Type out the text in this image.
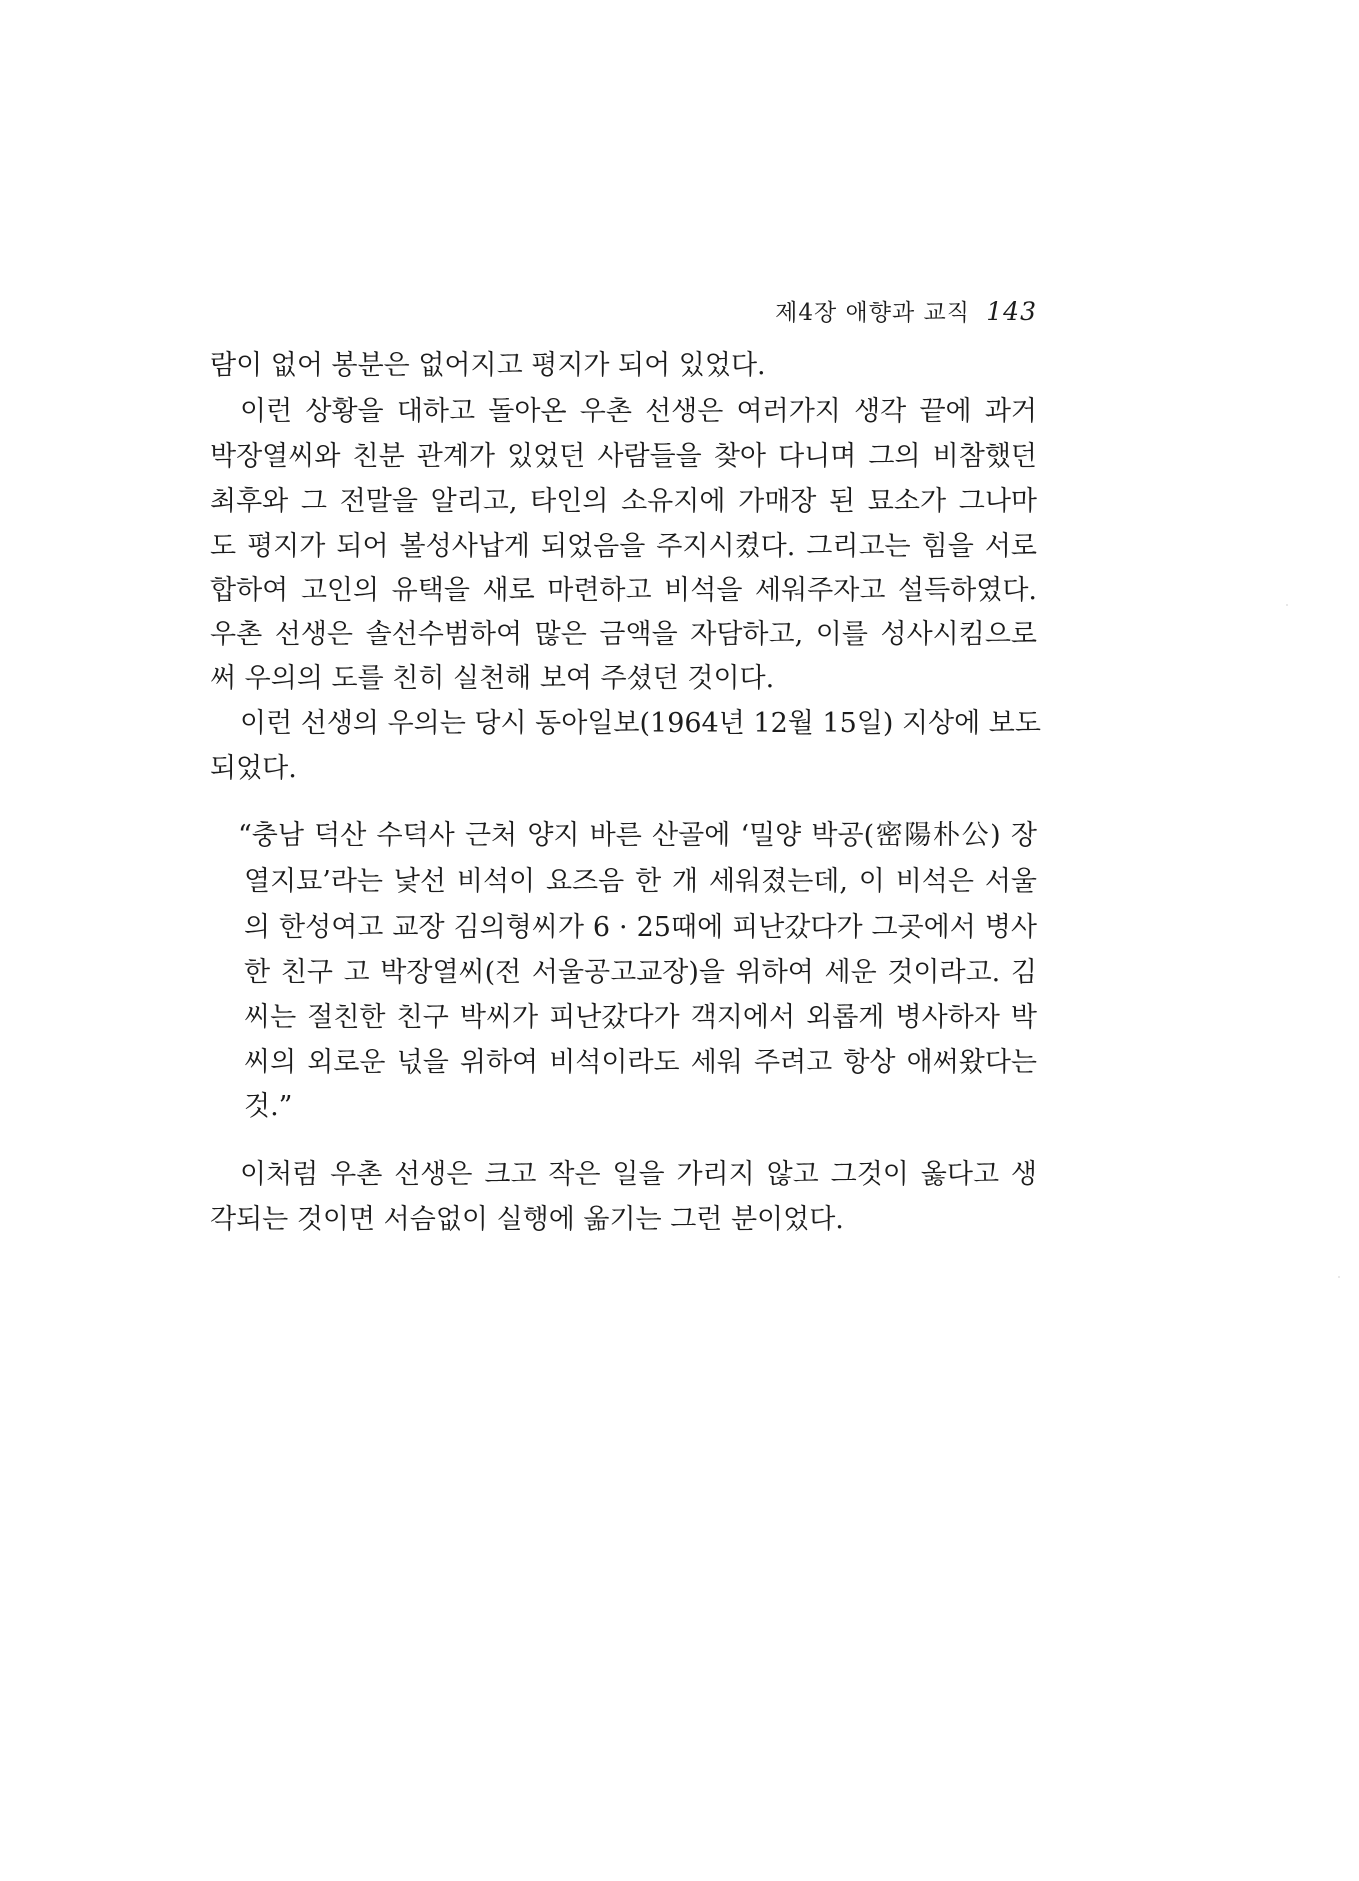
제4장 애향과 교직 143
람이 없어 봉분은 없어지고 평지가 되어 있었다.
이런 상황을 대하고 돌아온 우촌 선생은 여러가지 생각 끝에 과거
박장열씨와 친분 관계가 있었던 사람들을 찾아 다니며 그의 비참했던
최후와 그 전말을 알리고, 타인의 소유지에 가매장 된 묘소가 그나마
도 평지가 되어 볼성사납게 되었음을 주지시켰다. 그리고는 힘을 서로
합하여 고인의 유택을 새로 마련하고 비석을 세워주자고 설득하였다.
우촌 선생은 솔선수범하여 많은 금액을 자담하고, 이를 성사시킴으로
써 우의의 도를 친히 실천해 보여 주셨던 것이다.
이런 선생의 우의는 당시 동아일보(1964년 12월 15일) 지상에 보도
되었다.
“충남 덕산 수덕사 근처 양지 바른 산골에 ‘밀양 박공(密陽朴公) 장
열지묘’라는 낯선 비석이 요즈음 한 개 세워졌는데, 이 비석은 서울
의 한성여고 교장 김의형씨가 6 · 25때에 피난갔다가 그곳에서 병사
한 친구 고 박장열씨(전 서울공고교장)을 위하여 세운 것이라고. 김
씨는 절친한 친구 박씨가 피난갔다가 객지에서 외롭게 병사하자 박
씨의 외로운 넋을 위하여 비석이라도 세워 주려고 항상 애써왔다는
것.”
이처럼 우촌 선생은 크고 작은 일을 가리지 않고 그것이 옳다고 생
각되는 것이면 서슴없이 실행에 옮기는 그런 분이었다.
